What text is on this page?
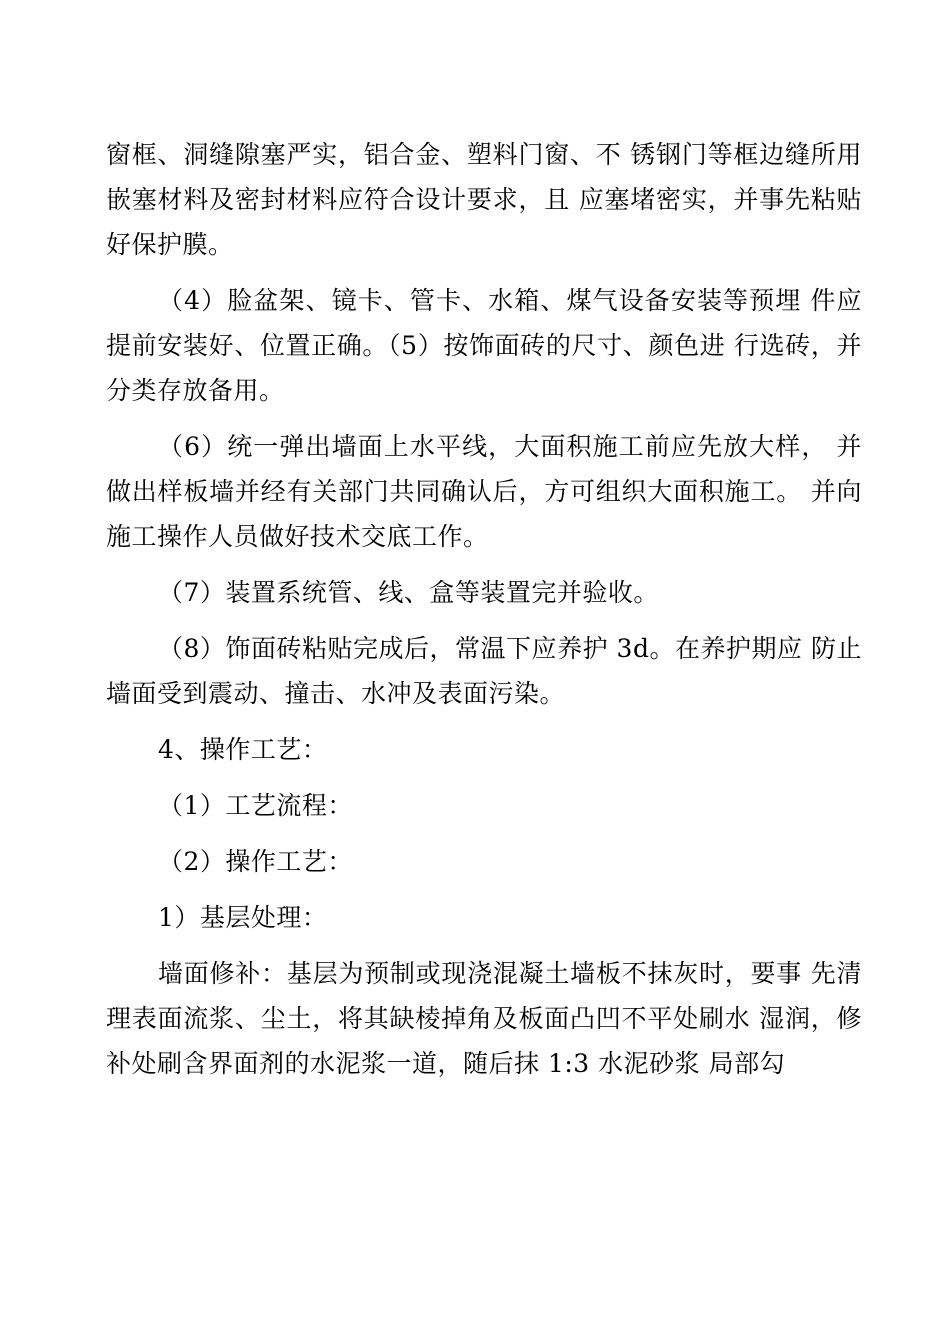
窗框、洞缝隙塞严实，铝合金、塑料门窗、不 锈钢门等框边缝所用嵌塞材料及密封材料应符合设计要求，且 应塞堵密实，并事先粘贴好保护膜。

（4）脸盆架、镜卡、管卡、水箱、煤气设备安装等预埋 件应提前安装好、位置正确。（5）按饰面砖的尺寸、颜色进 行选砖，并分类存放备用。

（6）统一弹出墙面上水平线，大面积施工前应先放大样， 并做出样板墙并经有关部门共同确认后，方可组织大面积施工。 并向施工操作人员做好技术交底工作。

（7）装置系统管、线、盒等装置完并验收。

（8）饰面砖粘贴完成后，常温下应养护 3d。在养护期应 防止墙面受到震动、撞击、水冲及表面污染。

4、操作工艺：

（1）工艺流程：

（2）操作工艺：

1）基层处理：

墙面修补：基层为预制或现浇混凝土墙板不抹灰时，要事 先清理表面流浆、尘土，将其缺棱掉角及板面凸凹不平处刷水 湿润，修补处刷含界面剂的水泥浆一道，随后抹 1:3 水泥砂浆 局部勾
